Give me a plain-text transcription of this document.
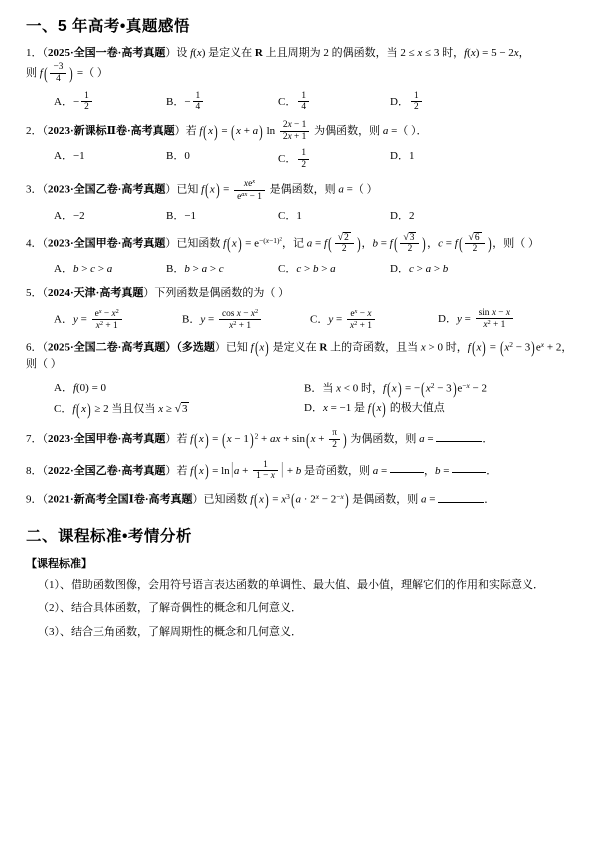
一、5 年高考•真题感悟
1．（2025·全国一卷·高考真题）设 f(x) 是定义在 R 上且周期为 2 的偶函数，当 2 ≤ x ≤ 3 时，f(x) = 5 − 2x，
则 $f( \frac{-3}{4}$ ) =（ ）
A．− $\frac{1}{2}$	B．− $\frac{1}{4}$	C． $\frac{1}{4}$	D． $\frac{1}{2}$
2．（2023·新课标Ⅱ卷·高考真题）若 f(x) = (x + a) $\ln \frac{2x - 1}{2x + 1}$ 为偶函数，则 a =（ ）．
A．−1	B．0	C． $\frac{1}{2}$	D．1
3．（2023·全国乙卷·高考真题）已知 $f(x) = \frac{xe^x}{e^{ax} - 1}$ 是偶函数，则 a =（ ）
A．−2	B．−1	C．1	D．2
4．（2023·全国甲卷·高考真题）已知函数 $f(x) = e^{-(x-1)^2}$，记 $a = f( \frac{√2}{2}$ )，$b = f( \frac{√3}{2}$ )，$c = f( \frac{√6}{2}$ )，则（ ）
A．b > c > a	B．b > a > c	C．c > b > a	D．c > a > b
5．（2024·天津·高考真题）下列函数是偶函数的为（ ）
A．$y = \frac{e^x - x^2}{x^2 + 1}$	B．$y = \frac{\cos x - x^2}{x^2 + 1}$	C．$y = \frac{e^x - x}{x^2 + 1}$	D．$y = \frac{\text{sin x − x}}{x^2 + 1}$
6．（2025·全国二卷·高考真题）（多选题）已知 f(x) 是定义在 R 上的奇函数，且当 x > 0 时，$f(x) = (x^2 - 3)e^x + 2$，
则（ ）
A．f(0) = 0	B．当 x < 0 时，$f(x) = -(x^2 - 3)e^{-x} - 2$
C．f(x) ≥ 2 当且仅当 x ≥ √3	D．x = −1 是 f(x) 的极大值点
7．（2023·全国甲卷·高考真题）若 $f(x) = (x - 1)^2$ + ax + $\sin(x + \frac{\pi}{2}$ ) 为偶函数，则 a =	．
8．（2022·全国乙卷·高考真题）若 $f(x) = \ln|a + \frac{1}{1 - x}$ | + b 是奇函数，则 a =	，b =	．
9．（2021·新高考全国Ⅰ卷·高考真题）已知函数 $f(x) = x^3(a \cdot 2^x - 2^{-x})$ 是偶函数，则 a =	．
二、课程标准•考情分析
【课程标准】
（1）、借助函数图像，会用符号语言表达函数的单调性、最大值、最小值，理解它们的作用和实际意义．
（2）、结合具体函数，了解奇偶性的概念和几何意义．
（3）、结合三角函数，了解周期性的概念和几何意义．
